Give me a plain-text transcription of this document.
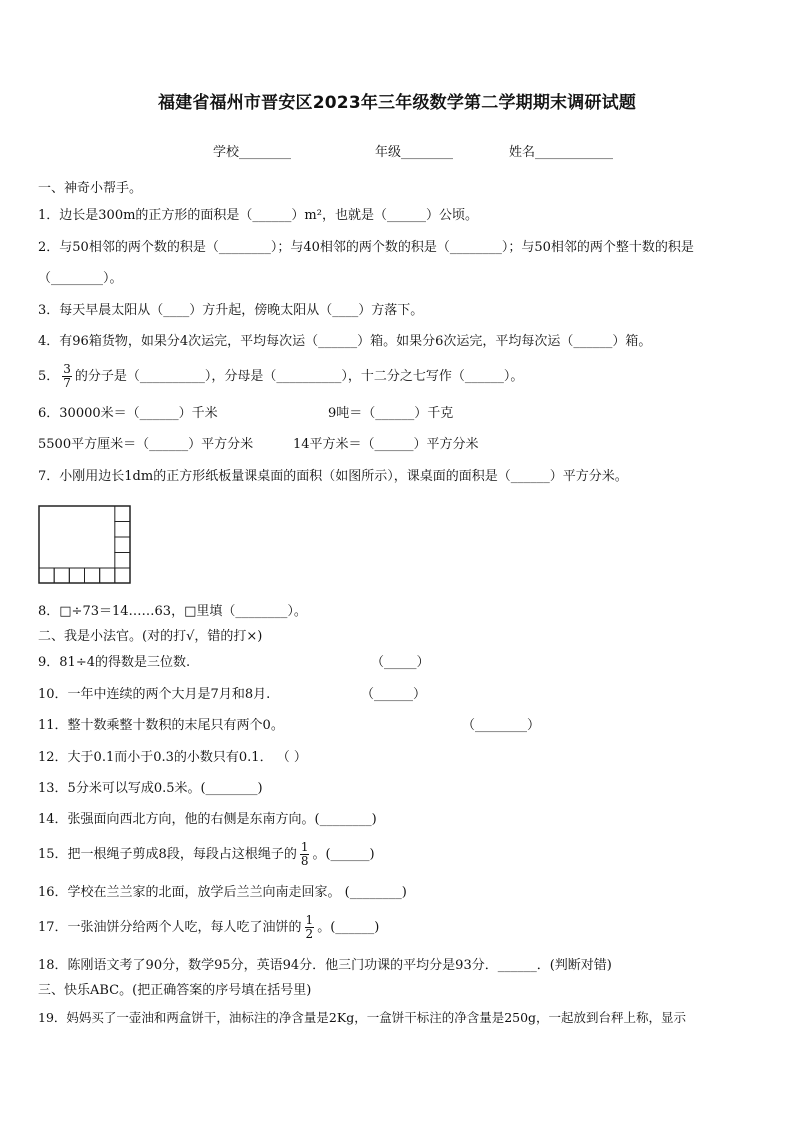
福建省福州市晋安区2023年三年级数学第二学期期末调研试题
学校________	年级________	姓名____________
一、神奇小帮手。
1．边长是300m的正方形的面积是（______）m²，也就是（______）公顷。
2．与50相邻的两个数的积是（________）；与40相邻的两个数的积是（________）；与50相邻的两个整十数的积是
（________）。
3．每天早晨太阳从（____）方升起，傍晚太阳从（____）方落下。
4．有96箱货物，如果分4次运完，平均每次运（______）箱。如果分6次运完，平均每次运（______）箱。
5． $\frac{3}{7}$ 的分子是（__________），分母是（__________），十二分之七写作（______）。
6．30000米＝（______）千米	9吨＝（______）千克
5500平方厘米＝（______）平方分米	14平方米＝（______）平方分米
7．小刚用边长1dm的正方形纸板量课桌面的面积（如图所示），课桌面的面积是（______）平方分米。
8．□÷73＝14……63，□里填（________）。
二、我是小法官。(对的打√，错的打×)
9．81÷4的得数是三位数.	（_____）
10．一年中连续的两个大月是7月和8月.	（______）
11．整十数乘整十数积的末尾只有两个0。	（________）
12．大于0.1而小于0.3的小数只有0.1． （ ）
13．5分米可以写成0.5米。(________)
14．张强面向西北方向，他的右侧是东南方向。(________)
15．把一根绳子剪成8段，每段占这根绳子的 $\frac{1}{8}$ 。(______)
16．学校在兰兰家的北面，放学后兰兰向南走回家。 (________)
17．一张油饼分给两个人吃，每人吃了油饼的 $\frac{1}{2}$ 。(______)
18．陈刚语文考了90分，数学95分，英语94分．他三门功课的平均分是93分．______．(判断对错)
三、快乐ABC。(把正确答案的序号填在括号里)
19．妈妈买了一壶油和两盒饼干，油标注的净含量是2Kg，一盒饼干标注的净含量是250g，一起放到台秤上称，显示
